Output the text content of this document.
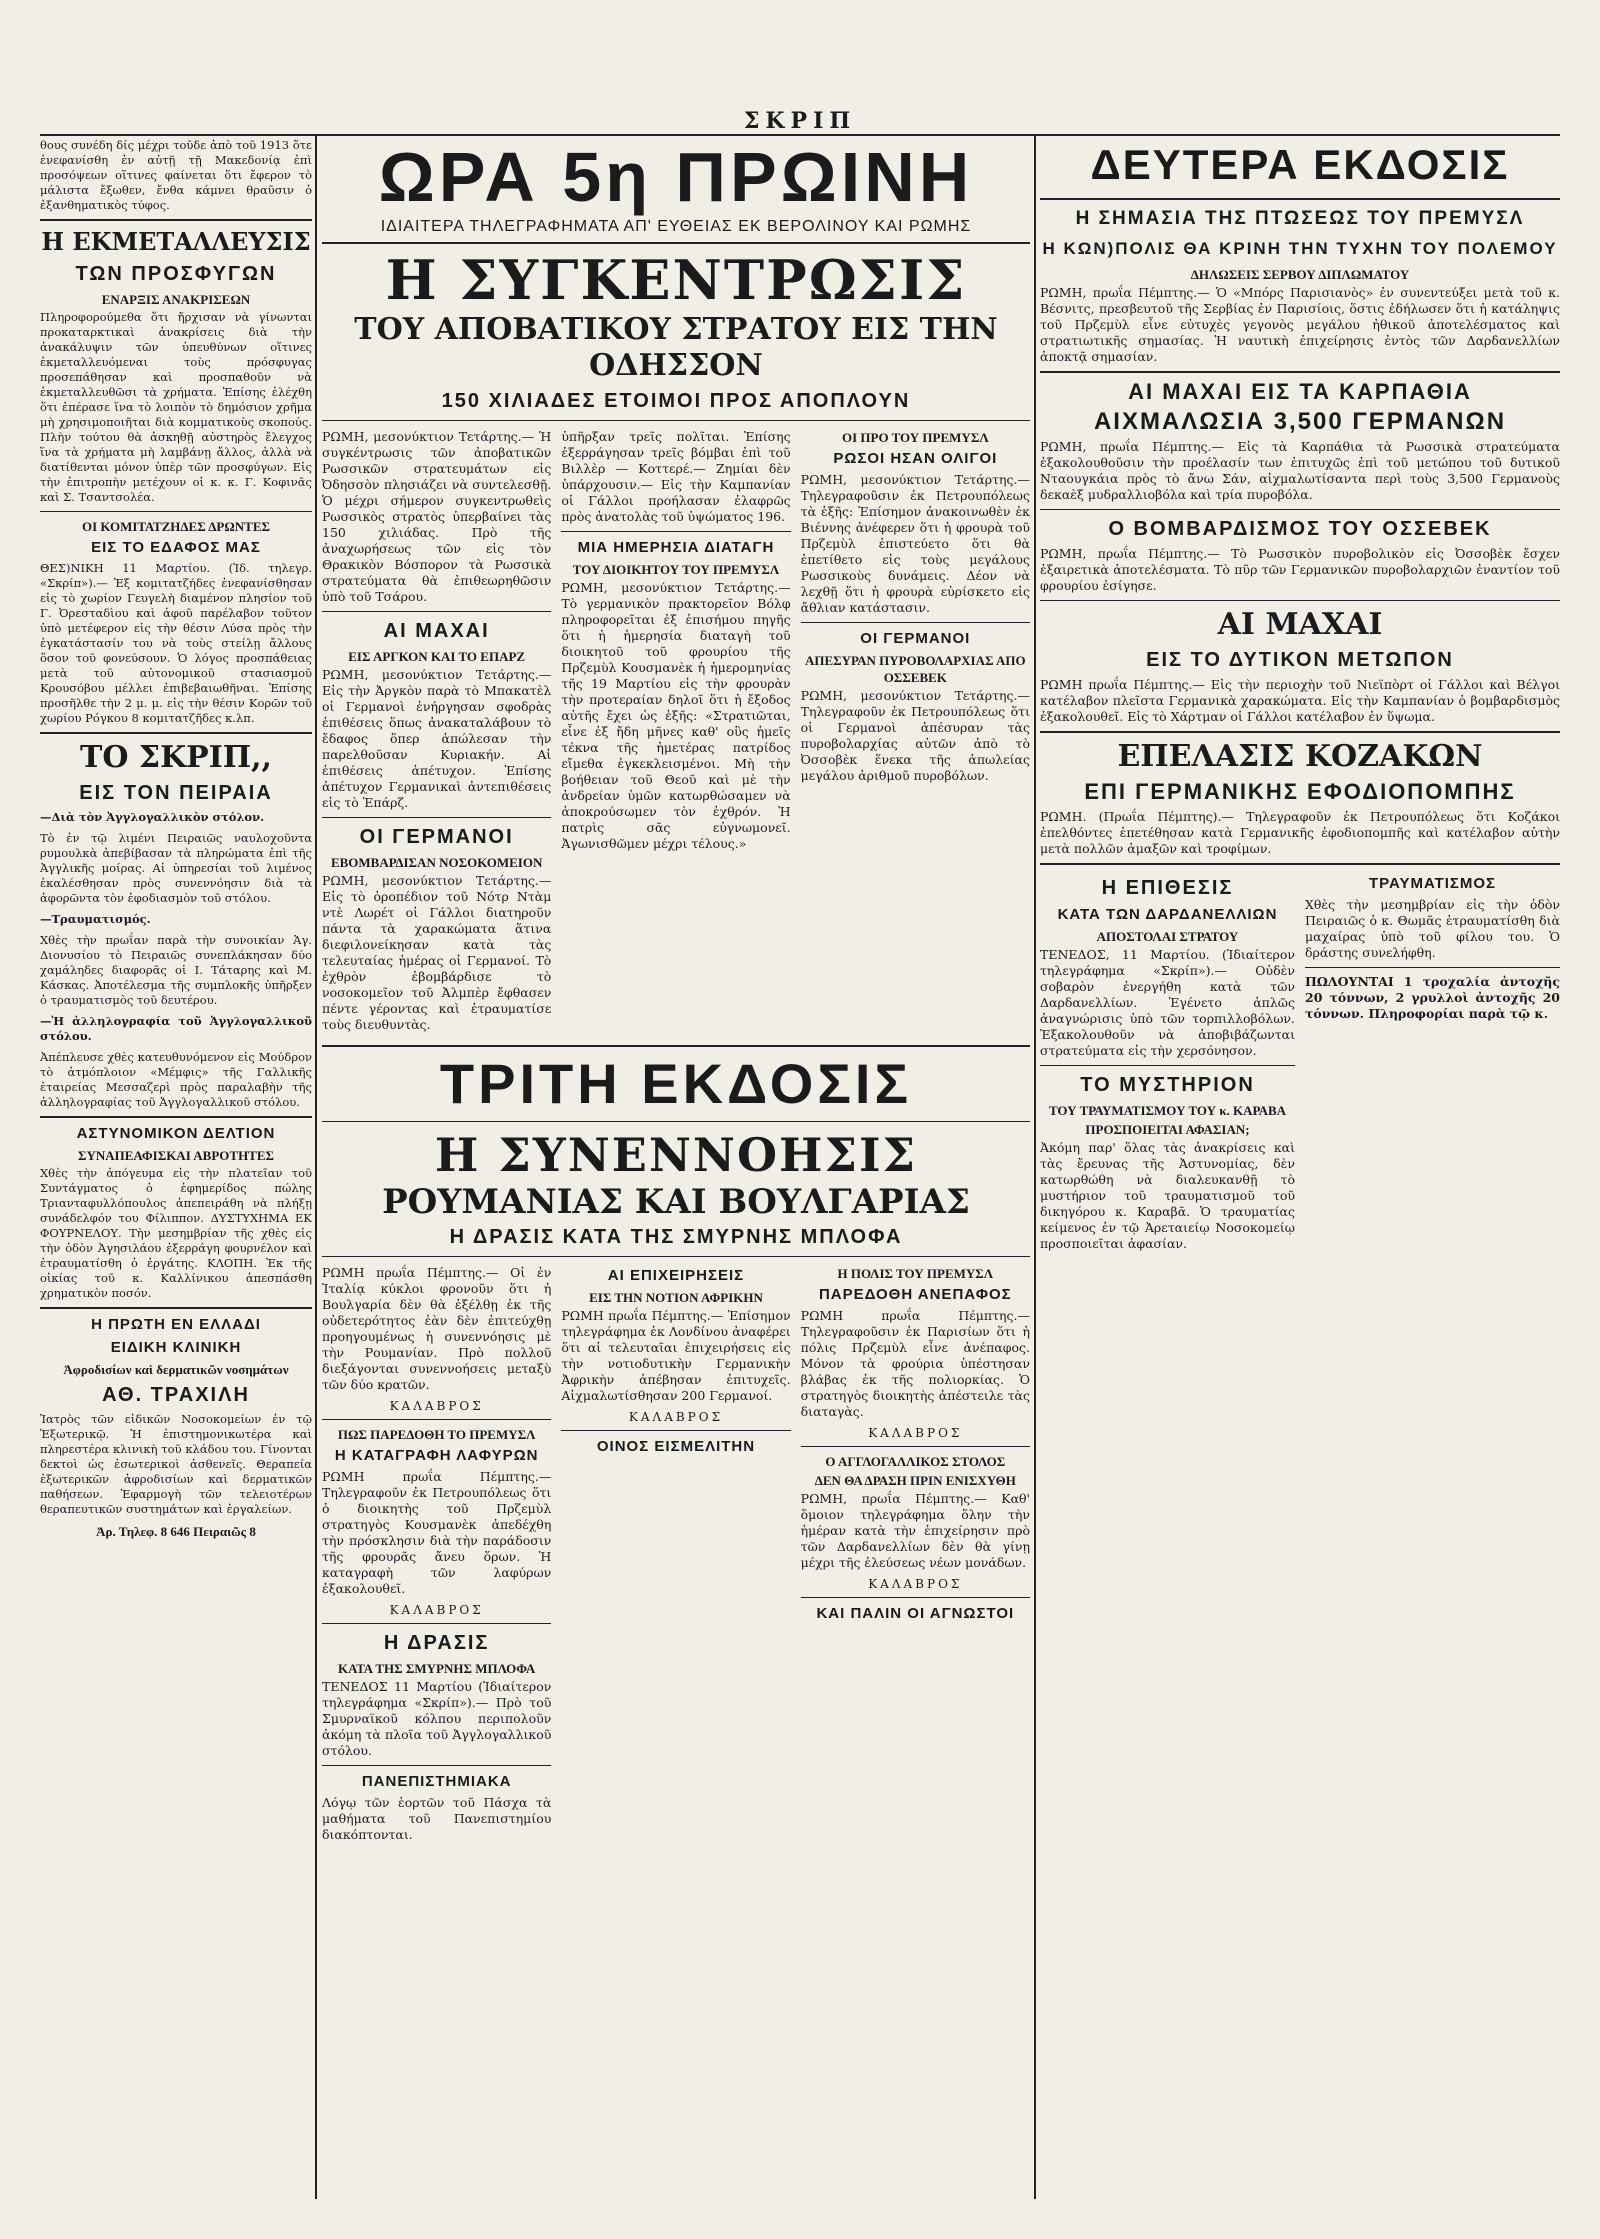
ΣΚΡΙΠ

θους συνέδη δίς μέχρι τοῦδε ἀπὸ τοῦ 1913 ὅτε ἐνεφανίσθη ἐν αὐτῇ τῇ Μακεδονίᾳ ἐπὶ προσόψεων οἵτινες φαίνεται ὅτι ἔφερον τὸ μάλιστα ἔξωθεν, ἔνθα κάμνει θραῦσιν ὁ ἐξανθηματικὸς τύφος.

Η ΕΚΜΕΤΑΛΛΕΥΣΙΣ
ΤΩΝ ΠΡΟΣΦΥΓΩΝ
ΕΝΑΡΞΙΣ ΑΝΑΚΡΙΣΕΩΝ

Πληροφορούμεθα ὅτι ἤρχισαν νὰ γίνωνται προκαταρκτικαὶ ἀνακρίσεις διὰ τὴν ἀνακάλυψιν τῶν ὑπευθύνων οἵτινες ἐκμεταλλευόμεναι τοὺς πρόσφυγας προσεπάθησαν καὶ προσπαθοῦν νὰ ἐκμεταλλευθῶσι τὰ χρήματα. Ἐπίσης ἐλέχθη ὅτι ἐπέρασε ἵνα τὸ λοιπὸν τὸ δημόσιον χρῆμα μὴ χρησιμοποιῆται διὰ κομματικοὺς σκοπούς. Πλὴν τούτου θὰ ἀσκηθῇ αὐστηρὸς ἔλεγχος ἵνα τὰ χρήματα μὴ λαμβάνῃ ἄλλος, ἀλλὰ νὰ διατίθενται μόνον ὑπὲρ τῶν προσφύγων. Εἰς τὴν ἐπιτροπὴν μετέχουν οἱ κ. κ. Γ. Κοφινᾶς καὶ Σ. Τσαντσολέα.

ΟΙ ΚΟΜΙΤΑΤΖΗΔΕΣ ΔΡΩΝΤΕΣ
ΕΙΣ ΤΟ ΕΔΑΦΟΣ ΜΑΣ

ΘΕΣ)ΝΙΚΗ 11 Μαρτίου. (Ἰδ. τηλεγρ. «Σκρίπ»).— Ἐξ κομιτατζήδες ἐνεφανίσθησαν εἰς τὸ χωρίον Γευγελὴ διαμένον πλησίον τοῦ Γ. Ὀρεσταδὶου καὶ ἀφοῦ παρέλαβον τοῦτον ὑπὸ μετέφερον εἰς τὴν θέσιν Λύσα πρὸς τὴν ἐγκατάστασίν του νὰ τοὺς στείλῃ ἄλλους ὅσον τοῦ φονεύσουν. Ὁ λόγος προσπάθειας μετὰ τοῦ αὐτονομικοῦ στασιασμοῦ Κρουσόβου μέλλει ἐπιβεβαιωθῆναι. Ἐπίσης προσῆλθε τὴν 2 μ. μ. εἰς τὴν θέσιν Κορῶν τοῦ χωρίου Ρόγκου 8 κομιτατζῆδες κ.λπ.

ΤΟ ΣΚΡΙΠ,,
ΕΙΣ ΤΟΝ ΠΕΙΡΑΙΑ

—Διὰ τὸν Ἀγγλογαλλικὸν στόλον.

Τὸ ἐν τῷ λιμένι Πειραιῶς ναυλοχοῦντα ρυμουλκὰ ἀπεβίβασαν τὰ πληρώματα ἐπὶ τῆς Ἀγγλικῆς μοίρας. Αἱ ὑπηρεσίαι τοῦ λιμένος ἐκαλέσθησαν πρὸς συνεννόησιν διὰ τὰ ἀφορῶντα τὸν ἐφοδιασμὸν τοῦ στόλου.

—Τραυματισμός.

Χθὲς τὴν πρωΐαν παρὰ τὴν συνοικίαν Ἁγ. Διονυσίου τὸ Πειραιῶς συνεπλάκησαν δύο χαμάληδες διαφορᾶς οἱ Ι. Τάταρης καὶ Μ. Κάσκας. Ἀποτέλεσμα τῆς συμπλοκῆς ὑπῆρξεν ὁ τραυματισμὸς τοῦ δευτέρου.

—Ἡ ἀλληλογραφία τοῦ Ἀγγλογαλλικοῦ στόλου.

Ἀπέπλευσε χθὲς κατευθυνόμενον εἰς Μούδρον τὸ ἀτμόπλοιον «Μέμφις» τῆς Γαλλικῆς ἑταιρείας Μεσσαζερὶ πρὸς παραλαβὴν τῆς ἀλληλογραφίας τοῦ Ἀγγλογαλλικοῦ στόλου.

ΑΣΤΥΝΟΜΙΚΟΝ ΔΕΛΤΙΟΝ
ΣΥΝΑΠΕΑΦΙΣΚΑΙ ΑΒΡΟΤΗΤΕΣ

Χθὲς τὴν ἀπόγευμα εἰς τὴν πλατεῖαν τοῦ Συντάγματος ὁ ἐφημερίδος πώλης Τριανταφυλλόπουλος ἀπεπειράθη νὰ πλήξῃ συνάδελφόν του Φίλιππον. ΔΥΣΤΥΧΗΜΑ ΕΚ ΦΟΥΡΝΕΛΟΥ. Τὴν μεσημβρίαν τῆς χθὲς εἰς τὴν ὁδὸν Ἀγησιλάου ἐξερράγη φουρνέλον καὶ ἐτραυματίσθη ὁ ἐργάτης. ΚΛΟΠΗ. Ἐκ τῆς οἰκίας τοῦ κ. Καλλίνικου ἀπεσπάσθη χρηματικὸν ποσόν.

Η ΠΡΩΤΗ ΕΝ ΕΛΛΑΔΙ
ΕΙΔΙΚΗ ΚΛΙΝΙΚΗ
Ἀφροδισίων καὶ δερματικῶν νοσημάτων
ΑΘ. ΤΡΑΧΙΛΗ

Ἰατρὸς τῶν εἰδικῶν Νοσοκομείων ἐν τῷ Ἐξωτερικῷ. Ἡ ἐπιστημονικωτέρα καὶ πληρεστέρα κλινικὴ τοῦ κλάδου του. Γίνονται δεκτοὶ ὡς ἐσωτερικοὶ ἀσθενεῖς. Θεραπεία ἐξωτερικῶν ἀφροδισίων καὶ δερματικῶν παθήσεων. Ἐφαρμογὴ τῶν τελειοτέρων θεραπευτικῶν συστημάτων καὶ ἐργαλείων.

Ἀρ. Τηλεφ. 8 646 Πειραιῶς 8
ΩΡΑ 5η ΠΡΩΙΝΗ
ΙΔΙΑΙΤΕΡΑ ΤΗΛΕΓΡΑΦΗΜΑΤΑ ΑΠ' ΕΥΘΕΙΑΣ ΕΚ ΒΕΡΟΛΙΝΟΥ ΚΑΙ ΡΩΜΗΣ
Η ΣΥΓΚΕΝΤΡΩΣΙΣ
ΤΟΥ ΑΠΟΒΑΤΙΚΟΥ ΣΤΡΑΤΟΥ ΕΙΣ ΤΗΝ ΟΔΗΣΣΟΝ
150 ΧΙΛΙΑΔΕΣ ΕΤΟΙΜΟΙ ΠΡΟΣ ΑΠΟΠΛΟΥΝ

ΡΩΜΗ, μεσονύκτιον Τετάρτης.— Ἡ συγκέντρωσις τῶν ἀποβατικῶν Ρωσσικῶν στρατευμάτων εἰς Ὀδησσὸν πλησιάζει νὰ συντελεσθῇ. Ὁ μέχρι σήμερον συγκεντρωθεὶς Ρωσσικὸς στρατὸς ὑπερβαίνει τὰς 150 χιλιάδας. Πρὸ τῆς ἀναχωρήσεως τῶν εἰς τὸν Θρακικὸν Βόσπορον τὰ Ρωσσικὰ στρατεύματα θὰ ἐπιθεωρηθῶσιν ὑπὸ τοῦ Τσάρου.

ΑΙ ΜΑΧΑΙ
ΕΙΣ ΑΡΓΚΟΝ ΚΑΙ ΤΟ ΕΠΑΡΖ

ΡΩΜΗ, μεσονύκτιον Τετάρτης.— Εἰς τὴν Ἀργκὸν παρὰ τὸ Μπακατὲλ οἱ Γερμανοὶ ἐνήργησαν σφοδρὰς ἐπιθέσεις ὅπως ἀνακαταλάβουν τὸ ἔδαφος ὅπερ ἀπώλεσαν τὴν παρελθοῦσαν Κυριακήν. Αἱ ἐπιθέσεις ἀπέτυχον. Ἐπίσης ἀπέτυχον Γερμανικαὶ ἀντεπιθέσεις εἰς τὸ Ἐπάρζ.

ΟΙ ΓΕΡΜΑΝΟΙ
ΕΒΟΜΒΑΡΔΙΣΑΝ ΝΟΣΟΚΟΜΕΙΟΝ

ΡΩΜΗ, μεσονύκτιον Τετάρτης.— Εἰς τὸ ὀροπέδιον τοῦ Νότρ Ντὰμ ντὲ Λωρέτ οἱ Γάλλοι διατηροῦν πάντα τὰ χαρακώματα ἅτινα διεφιλονείκησαν κατὰ τὰς τελευταίας ἡμέρας οἱ Γερμανοί. Τὸ ἐχθρὸν ἐβομβάρδισε τὸ νοσοκομεῖον τοῦ Ἀλμπὲρ ἔφθασεν πέντε γέροντας καὶ ἐτραυματίσε τοὺς διευθυντὰς.

ὑπῆρξαν τρεῖς πολῖται. Ἐπίσης ἐξερράγησαν τρεῖς βόμβαι ἐπὶ τοῦ Βιλλὲρ — Κοττερέ.— Ζημίαι δὲν ὑπάρχουσιν.— Εἰς τὴν Καμπανίαν οἱ Γάλλοι προήλασαν ἐλαφρῶς πρὸς ἀνατολὰς τοῦ ὑψώματος 196.

ΜΙΑ ΗΜΕΡΗΣΙΑ ΔΙΑΤΑΓΗ
ΤΟΥ ΔΙΟΙΚΗΤΟΥ ΤΟΥ ΠΡΕΜΥΣΛ

ΡΩΜΗ, μεσονύκτιον Τετάρτης.— Τὸ γερμανικὸν πρακτορεῖον Βόλφ πληροφορεῖται ἐξ ἐπισήμου πηγῆς ὅτι ἡ ἡμερησία διαταγὴ τοῦ διοικητοῦ τοῦ φρουρίου τῆς Πρζεμὺλ Κουσμανὲκ ἡ ἡμερομηνίας τῆς 19 Μαρτίου εἰς τὴν φρουρὰν τὴν προτεραίαν δηλοῖ ὅτι ἡ ἔξοδος αὐτῆς ἔχει ὡς ἑξῆς: «Στρατιῶται, εἶνε ἐξ ἤδη μῆνες καθ' οὓς ἡμεῖς τέκνα τῆς ἡμετέρας πατρίδος εἴμεθα ἐγκεκλεισμένοι. Μὴ τὴν βοήθειαν τοῦ Θεοῦ καὶ μὲ τὴν ἀνδρείαν ὑμῶν κατωρθώσαμεν νὰ ἀποκρούσωμεν τὸν ἐχθρόν. Ἡ πατρὶς σᾶς εὐγνωμονεῖ. Ἀγωνισθῶμεν μέχρι τέλους.»

ΟΙ ΠΡΟ ΤΟΥ ΠΡΕΜΥΣΛ
ΡΩΣΟΙ ΗΣΑΝ ΟΛΙΓΟΙ

ΡΩΜΗ, μεσονύκτιον Τετάρτης.— Τηλεγραφοῦσιν ἐκ Πετρουπόλεως τὰ ἑξῆς: Ἐπίσημον ἀνακοινωθὲν ἐκ Βιέννης ἀνέφερεν ὅτι ἡ φρουρὰ τοῦ Πρζεμὺλ ἐπιστεύετο ὅτι θὰ ἐπετίθετο εἰς τοὺς μεγάλους Ρωσσικοὺς δυνάμεις. Δέον νὰ λεχθῇ ὅτι ἡ φρουρὰ εὑρίσκετο εἰς ἄθλιαν κατάστασιν.

ΟΙ ΓΕΡΜΑΝΟΙ
ΑΠΕΣΥΡΑΝ ΠΥΡΟΒΟΛΑΡΧΙΑΣ ΑΠΟ ΟΣΣΕΒΕΚ

ΡΩΜΗ, μεσονύκτιον Τετάρτης.— Τηλεγραφοῦν ἐκ Πετρουπόλεως ὅτι οἱ Γερμανοὶ ἀπέσυραν τὰς πυροβολαρχίας αὐτῶν ἀπὸ τὸ Ὀσσοβὲκ ἕνεκα τῆς ἀπωλείας μεγάλου ἀριθμοῦ πυροβόλων.

ΤΡΙΤΗ ΕΚΔΟΣΙΣ
Η ΣΥΝΕΝΝΟΗΣΙΣ
ΡΟΥΜΑΝΙΑΣ ΚΑΙ ΒΟΥΛΓΑΡΙΑΣ
Η ΔΡΑΣΙΣ ΚΑΤΑ ΤΗΣ ΣΜΥΡΝΗΣ ΜΠΛΟΦΑ

ΡΩΜΗ πρωΐα Πέμπτης.— Οἱ ἐν Ἰταλίᾳ κύκλοι φρονοῦν ὅτι ἡ Βουλγαρία δὲν θὰ ἐξέλθῃ ἐκ τῆς οὐδετερότητος ἐὰν δὲν ἐπιτεύχθῃ προηγουμένως ἡ συνεννόησις μὲ τὴν Ρουμανίαν. Πρὸ πολλοῦ διεξάγονται συνεννοήσεις μεταξὺ τῶν δύο κρατῶν.

ΚΑΛΑΒΡΟΣ
ΠΩΣ ΠΑΡΕΔΟΘΗ ΤΟ ΠΡΕΜΥΣΛ
Η ΚΑΤΑΓΡΑΦΗ ΛΑΦΥΡΩΝ

ΡΩΜΗ πρωΐα Πέμπτης.— Τηλεγραφοῦν ἐκ Πετρουπόλεως ὅτι ὁ διοικητὴς τοῦ Πρζεμὺλ στρατηγὸς Κουσμανὲκ ἀπεδέχθη τὴν πρόσκλησιν διὰ τὴν παράδοσιν τῆς φρουρᾶς ἄνευ ὅρων. Ἡ καταγραφὴ τῶν λαφύρων ἐξακολουθεῖ.

ΚΑΛΑΒΡΟΣ
Η ΔΡΑΣΙΣ
ΚΑΤΑ ΤΗΣ ΣΜΥΡΝΗΣ ΜΠΛΟΦΑ

ΤΕΝΕΔΟΣ 11 Μαρτίου (Ἰδιαίτερον τηλεγράφημα «Σκρίπ»).— Πρὸ τοῦ Σμυρναϊκοῦ κόλπου περιπολοῦν ἀκόμη τὰ πλοῖα τοῦ Ἀγγλογαλλικοῦ στόλου.

ΠΑΝΕΠΙΣΤΗΜΙΑΚΑ

Λόγῳ τῶν ἑορτῶν τοῦ Πάσχα τὰ μαθήματα τοῦ Πανεπιστημίου διακόπτονται.

ΑΙ ΕΠΙΧΕΙΡΗΣΕΙΣ
ΕΙΣ ΤΗΝ ΝΟΤΙΟΝ ΑΦΡΙΚΗΝ

ΡΩΜΗ πρωΐα Πέμπτης.— Ἐπίσημον τηλεγράφημα ἐκ Λονδίνου ἀναφέρει ὅτι αἱ τελευταῖαι ἐπιχειρήσεις εἰς τὴν νοτιοδυτικὴν Γερμανικὴν Ἀφρικὴν ἀπέβησαν ἐπιτυχεῖς. Αἰχμαλωτίσθησαν 200 Γερμανοί.

ΚΑΛΑΒΡΟΣ
ΟΙΝΟΣ ΕΙΣΜΕΛΙΤΗΝ
Η ΠΟΛΙΣ ΤΟΥ ΠΡΕΜΥΣΛ
ΠΑΡΕΔΟΘΗ ΑΝΕΠΑΦΟΣ

ΡΩΜΗ πρωΐα Πέμπτης.— Τηλεγραφοῦσιν ἐκ Παρισίων ὅτι ἡ πόλις Πρζεμὺλ εἶνε ἀνέπαφος. Μόνον τὰ φρούρια ὑπέστησαν βλάβας ἐκ τῆς πολιορκίας. Ὁ στρατηγὸς διοικητὴς ἀπέστειλε τὰς διαταγὰς.

ΚΑΛΑΒΡΟΣ
Ο ΑΓΓΛΟΓΑΛΛΙΚΟΣ ΣΤΟΛΟΣ
ΔΕΝ ΘΑ ΔΡΑΣΗ ΠΡΙΝ ΕΝΙΣΧΥΘΗ

ΡΩΜΗ, πρωΐα Πέμπτης.— Καθ' ὅμοιον τηλεγράφημα ὅλην τὴν ἡμέραν κατὰ τὴν ἐπιχείρησιν πρὸ τῶν Δαρδανελλίων δὲν θὰ γίνῃ μέχρι τῆς ἐλεύσεως νέων μονάδων.

ΚΑΛΑΒΡΟΣ
ΚΑΙ ΠΑΛΙΝ ΟΙ ΑΓΝΩΣΤΟΙ
ΔΕΥΤΕΡΑ ΕΚΔΟΣΙΣ
Η ΣΗΜΑΣΙΑ ΤΗΣ ΠΤΩΣΕΩΣ ΤΟΥ ΠΡΕΜΥΣΛ
Η ΚΩΝ)ΠΟΛΙΣ ΘΑ ΚΡΙΝΗ ΤΗΝ ΤΥΧΗΝ ΤΟΥ ΠΟΛΕΜΟΥ
ΔΗΛΩΣΕΙΣ ΣΕΡΒΟΥ ΔΙΠΛΩΜΑΤΟΥ

ΡΩΜΗ, πρωΐα Πέμπτης.— Ὁ «Μπόρς Παρισιανὸς» ἐν συνεντεύξει μετὰ τοῦ κ. Βέσνιτς, πρεσβευτοῦ τῆς Σερβίας ἐν Παρισίοις, ὅστις ἐδήλωσεν ὅτι ἡ κατάληψις τοῦ Πρζεμὺλ εἶνε εὐτυχὲς γεγονὸς μεγάλου ἠθικοῦ ἀποτελέσματος καὶ στρατιωτικῆς σημασίας. Ἡ ναυτικὴ ἐπιχείρησις ἐντὸς τῶν Δαρδανελλίων ἀποκτᾷ σημασίαν.

ΑΙ ΜΑΧΑΙ ΕΙΣ ΤΑ ΚΑΡΠΑΘΙΑ
ΑΙΧΜΑΛΩΣΙΑ 3,500 ΓΕΡΜΑΝΩΝ

ΡΩΜΗ, πρωΐα Πέμπτης.— Εἰς τὰ Καρπάθια τὰ Ρωσσικὰ στρατεύματα ἐξακολουθοῦσιν τὴν προέλασίν των ἐπιτυχῶς ἐπὶ τοῦ μετώπου τοῦ δυτικοῦ Νταουγκάια πρὸς τὸ ἄνω Σάν, αἰχμαλωτίσαντα περὶ τοὺς 3,500 Γερμανοὺς δεκαὲξ μυδραλλιοβόλα καὶ τρία πυροβόλα.

Ο ΒΟΜΒΑΡΔΙΣΜΟΣ ΤΟΥ ΟΣΣΕΒΕΚ

ΡΩΜΗ, πρωΐα Πέμπτης.— Τὸ Ρωσσικὸν πυροβολικὸν εἰς Ὀσσοβὲκ ἔσχεν ἐξαιρετικὰ ἀποτελέσματα. Τὸ πῦρ τῶν Γερμανικῶν πυροβολαρχιῶν ἐναντίον τοῦ φρουρίου ἐσίγησε.

ΑΙ ΜΑΧΑΙ
ΕΙΣ ΤΟ ΔΥΤΙΚΟΝ ΜΕΤΩΠΟΝ

ΡΩΜΗ πρωΐα Πέμπτης.— Εἰς τὴν περιοχὴν τοῦ Νιεϊπὸρτ οἱ Γάλλοι καὶ Βέλγοι κατέλαβον πλεῖστα Γερμανικὰ χαρακώματα. Εἰς τὴν Καμπανίαν ὁ βομβαρδισμὸς ἐξακολουθεῖ. Εἰς τὸ Χάρτμαν οἱ Γάλλοι κατέλαβον ἐν ὕψωμα.

ΕΠΕΛΑΣΙΣ ΚΟΖΑΚΩΝ
ΕΠΙ ΓΕΡΜΑΝΙΚΗΣ ΕΦΟΔΙΟΠΟΜΠΗΣ

ΡΩΜΗ. (Πρωΐα Πέμπτης).— Τηλεγραφοῦν ἐκ Πετρουπόλεως ὅτι Κοζάκοι ἐπελθόντες ἐπετέθησαν κατὰ Γερμανικῆς ἐφοδιοπομπῆς καὶ κατέλαβον αὐτὴν μετὰ πολλῶν ἁμαξῶν καὶ τροφίμων.

Η ΕΠΙΘΕΣΙΣ
ΚΑΤΑ ΤΩΝ ΔΑΡΔΑΝΕΛΛΙΩΝ
ΑΠΟΣΤΟΛΑΙ ΣΤΡΑΤΟΥ

ΤΕΝΕΔΟΣ, 11 Μαρτίου. (Ἰδιαίτερον τηλεγράφημα «Σκρίπ»).— Οὐδὲν σοβαρὸν ἐνεργήθη κατὰ τῶν Δαρδανελλίων. Ἐγένετο ἁπλῶς ἀναγνώρισις ὑπὸ τῶν τορπιλλοβόλων. Ἐξακολουθοῦν νὰ ἀποβιβάζωνται στρατεύματα εἰς τὴν χερσόνησον.

ΤΟ ΜΥΣΤΗΡΙΟΝ
ΤΟΥ ΤΡΑΥΜΑΤΙΣΜΟΥ ΤΟΥ κ. ΚΑΡΑΒΑ
ΠΡΟΣΠΟΙΕΙΤΑΙ ΑΦΑΣΙΑΝ;

Ἀκόμη παρ' ὅλας τὰς ἀνακρίσεις καὶ τὰς ἔρευνας τῆς Ἀστυνομίας, δὲν κατωρθώθη νὰ διαλευκανθῇ τὸ μυστήριον τοῦ τραυματισμοῦ τοῦ δικηγόρου κ. Καραβᾶ. Ὁ τραυματίας κείμενος ἐν τῷ Ἀρεταιείῳ Νοσοκομείῳ προσποιεῖται ἀφασίαν.

ΤΡΑΥΜΑΤΙΣΜΟΣ

Χθὲς τὴν μεσημβρίαν εἰς τὴν ὁδὸν Πειραιῶς ὁ κ. Θωμᾶς ἐτραυματίσθη διὰ μαχαίρας ὑπὸ τοῦ φίλου του. Ὁ δράστης συνελήφθη.

ΠΩΛΟΥΝΤΑΙ 1 τροχαλία ἀντοχῆς 20 τόννων, 2 γρυλλοὶ ἀντοχῆς 20 τόννων. Πληροφορίαι παρὰ τῷ κ.
